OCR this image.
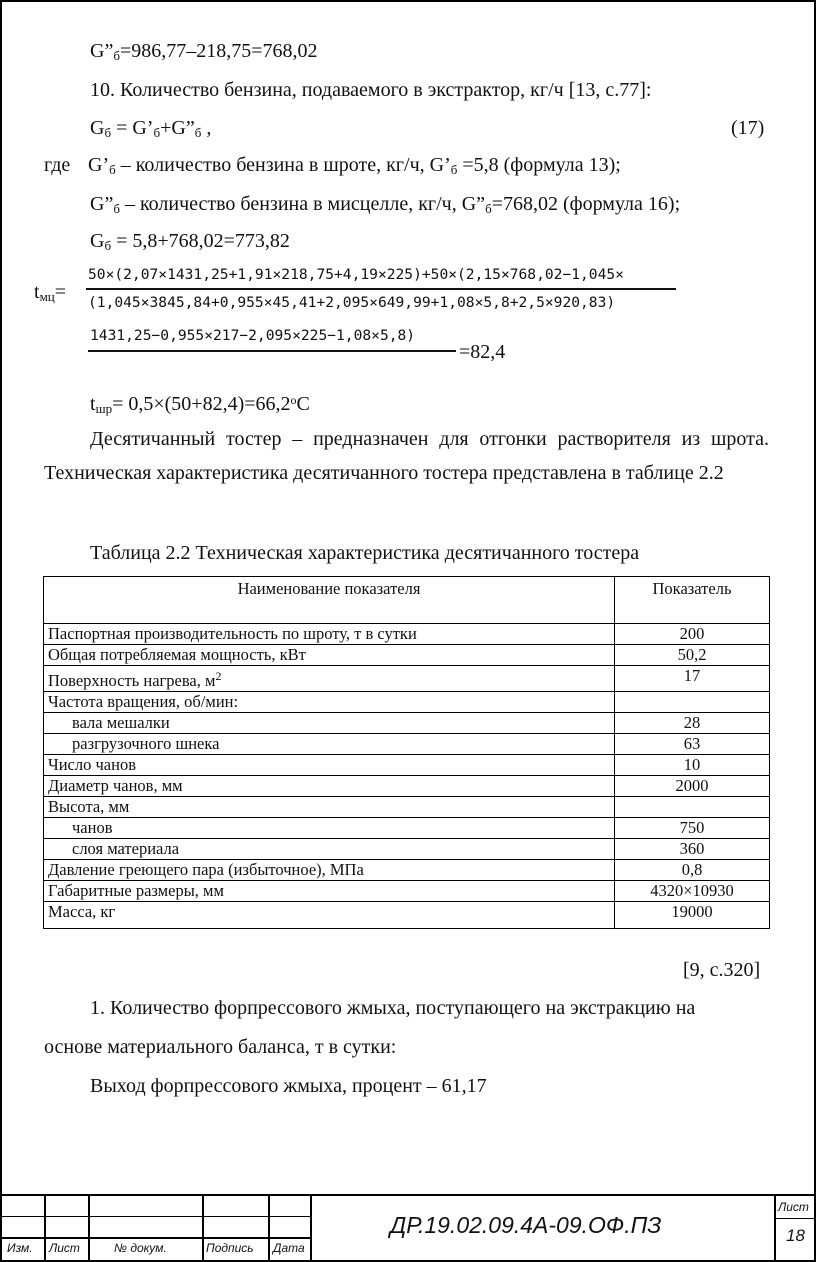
$G”_б=986,77-218,75=768,02$
10. Количество бензина, подаваемого в экстрактор, кг/ч [13, с.77]:
$G_б$ = $G’_б+G”_б$ ,	(17)
где $G’_б$ – количество бензина в шроте, кг/ч, $G’_б =5,8$ (формула 13);
$G”_б$ – количество бензина в мисцелле, кг/ч, $G”_б=768,02$ (формула 16);
$G_б = 5,8+768,02=773,82$
$t_{мц}=$
50×(2,07×1431,25+1,91×218,75+4,19×225)+50×(2,15×768,02−1,045×
(1,045×3845,84+0,955×45,41+2,095×649,99+1,08×5,8+2,5×920,83)
1431,25−0,955×217−2,095×225−1,08×5,8)
=82,4
$t_{шр}= 0,5\times(50+82,4)=66,2^оС$
Десятичанный тостер – предназначен для отгонки растворителя из шрота. Техническая характеристика десятичанного тостера представлена в таблице 2.2
Таблица 2.2 Техническая характеристика десятичанного тостера
Наименование показателя	Показатель
Паспортная производительность по шроту, т в сутки	200
Общая потребляемая мощность, кВт	50,2
Поверхность нагрева, $м^2$	17
Частота вращения, об/мин:	
вала мешалки	28
разгрузочного шнека	63
Число чанов	10
Диаметр чанов, мм	2000
Высота, мм	
чанов	750
слоя материала	360
Давление греющего пара (избыточное), МПа	0,8
Габаритные размеры, мм	4320×10930
Масса, кг	19000
[9, с.320]
1. Количество форпрессового жмыха, поступающего на экстракцию на
основе материального баланса, т в сутки:
Выход форпрессового жмыха, процент – 61,17
Изм. Лист	№ докум.	Подпись Дата
ДР.19.02.09.4А-09.ОФ.ПЗ
Лист
18
